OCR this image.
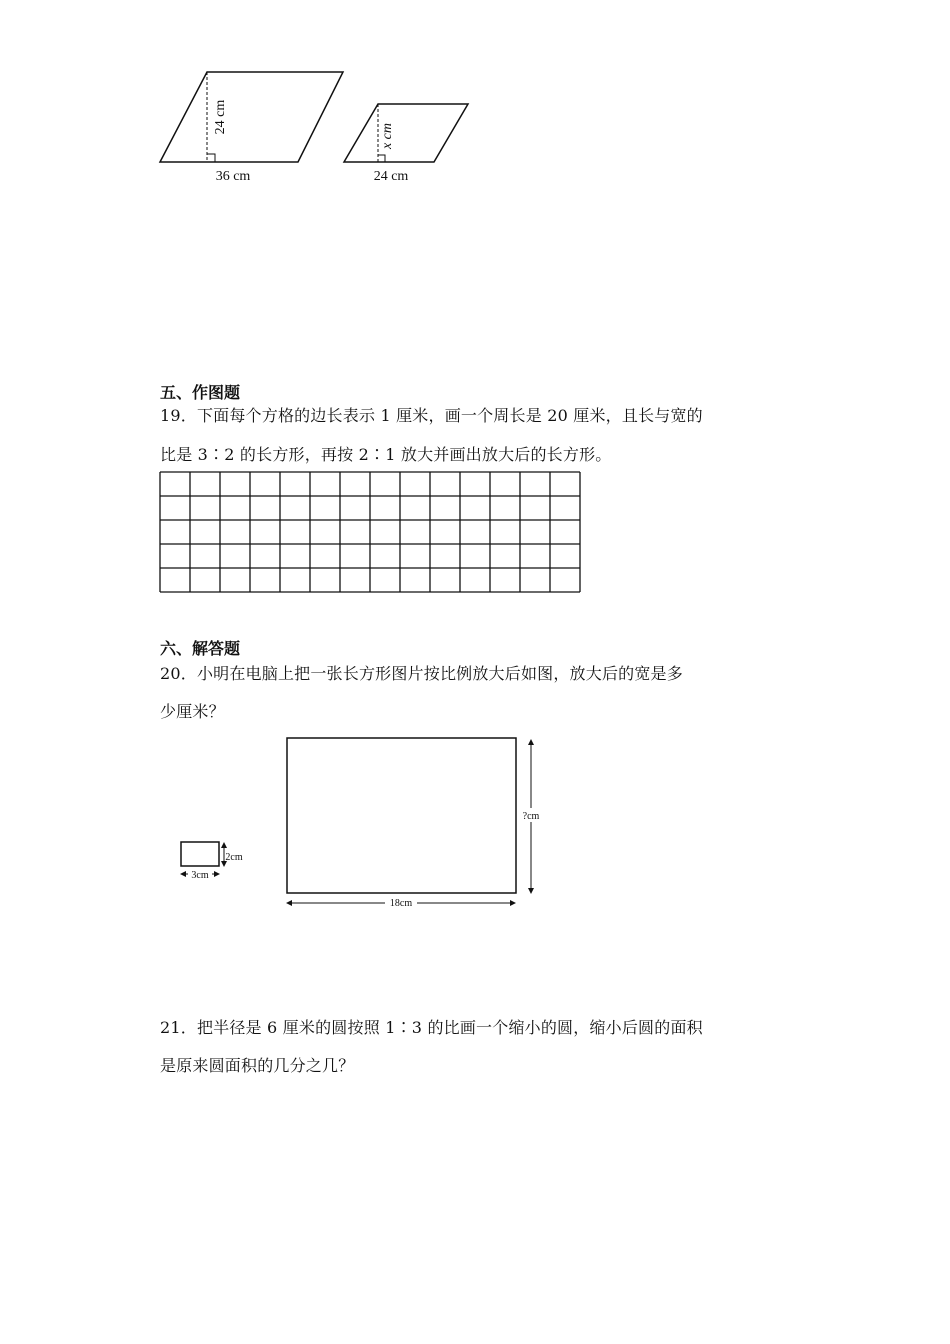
24 cm
36 cm
x cm
24 cm
五、作图题
19．下面每个方格的边长表示 1 厘米，画一个周长是 20 厘米，且长与宽的
比是 3∶2 的长方形，再按 2∶1 放大并画出放大后的长方形。
六、解答题
20．小明在电脑上把一张长方形图片按比例放大后如图，放大后的宽是多
少厘米？
2cm
3cm
?cm
18cm
21．把半径是 6 厘米的圆按照 1∶3 的比画一个缩小的圆，缩小后圆的面积
是原来圆面积的几分之几？
